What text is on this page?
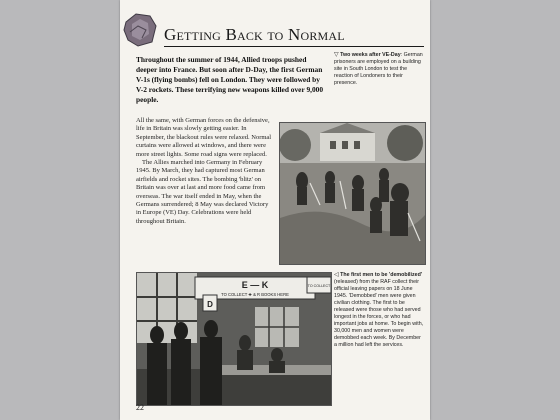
Getting Back to Normal
Throughout the summer of 1944, Allied troops pushed deeper into France. But soon after D-Day, the first German V-1s (flying bombs) fell on London. They were followed by V-2 rockets. These terrifying new weapons killed over 9,000 people.
▽ Two weeks after VE-Day: German prisoners are employed on a building site in South London to test the reaction of Londoners to their presence.

All the same, with German forces on the defensive, life in Britain was slowly getting easier. In September, the blackout rules were relaxed. Normal curtains were allowed at windows, and there were more street lights. Some road signs were replaced.

The Allies marched into Germany in February 1945. By March, they had captured most German airfields and rocket sites. The bombing 'blitz' on Britain was over at last and more food came from overseas. The war itself ended in May, when the Germans surrendered; 8 May was declared Victory in Europe (VE) Day. Celebrations were held throughout Britain.

E — K
TO COLLECT ✚ & R BOOKS HERE
D
TO COLLECT
◁ The first men to be 'demobilized' (released) from the RAF collect their official leaving papers on 18 June 1945. 'Demobbed' men were given civilian clothing. The first to be released were those who had served longest in the forces, or who had important jobs at home. To begin with, 30,000 men and women were demobbed each week. By December a million had left the services.
22
